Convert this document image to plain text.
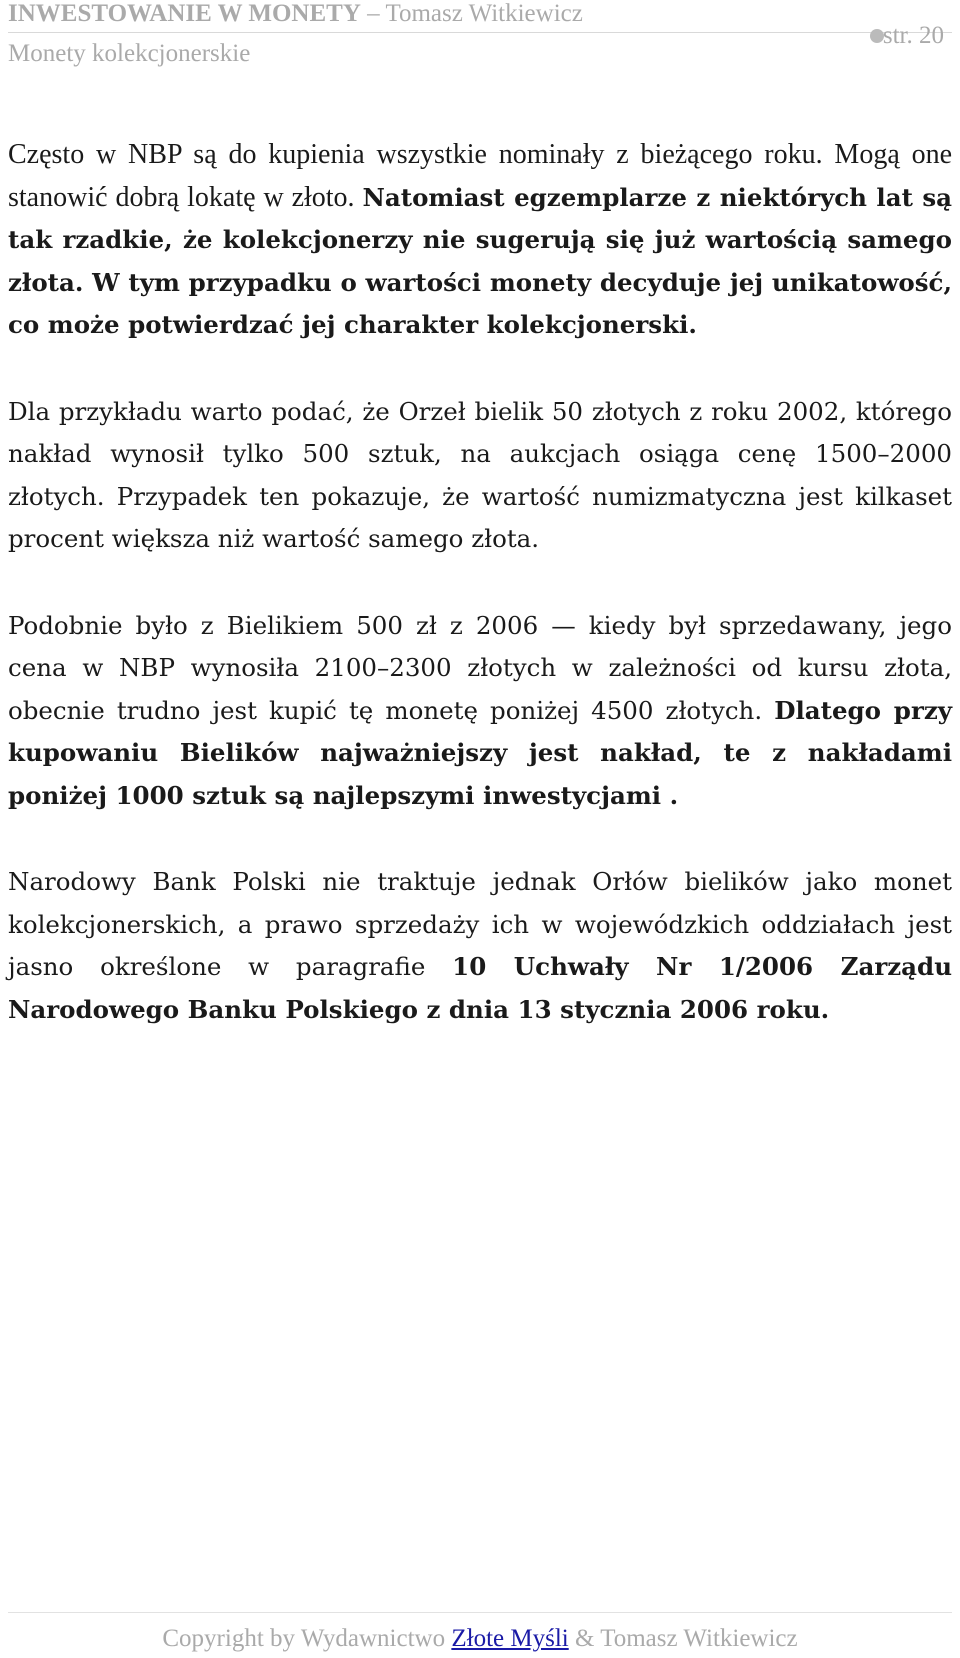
INWESTOWANIE W MONETY – Tomasz Witkiewicz
Monety kolekcjonerskie
str. 20

Często w NBP są do kupienia wszystkie nominały z bieżącego roku. Mogą one stanowić dobrą lokatę w złoto. Natomiast egzemplarze z niektórych lat są tak rzadkie, że kolekcjonerzy nie sugerują się już wartością samego złota. W tym przypadku o wartości monety decyduje jej unikatowość, co może potwierdzać jej charakter kolekcjonerski.

Dla przykładu warto podać, że Orzeł bielik 50 złotych z roku 2002, którego nakład wynosił tylko 500 sztuk, na aukcjach osiąga cenę 1500–2000 złotych. Przypadek ten pokazuje, że wartość numizmatyczna jest kilkaset procent większa niż wartość samego złota.

Podobnie było z Bielikiem 500 zł z 2006 — kiedy był sprzedawany, jego cena w NBP wynosiła 2100–2300 złotych w zależności od kursu złota, obecnie trudno jest kupić tę monetę poniżej 4500 złotych. Dlatego przy kupowaniu Bielików najważniejszy jest nakład, te z nakładami poniżej 1000 sztuk są najlepszymi inwestycjami .

Narodowy Bank Polski nie traktuje jednak Orłów bielików jako monet kolekcjonerskich, a prawo sprzedaży ich w wojewódzkich oddziałach jest jasno określone w paragrafie 10 Uchwały Nr 1/2006 Zarządu Narodowego Banku Polskiego z dnia 13 stycznia 2006 roku.

Copyright by Wydawnictwo Złote Myśli & Tomasz Witkiewicz
